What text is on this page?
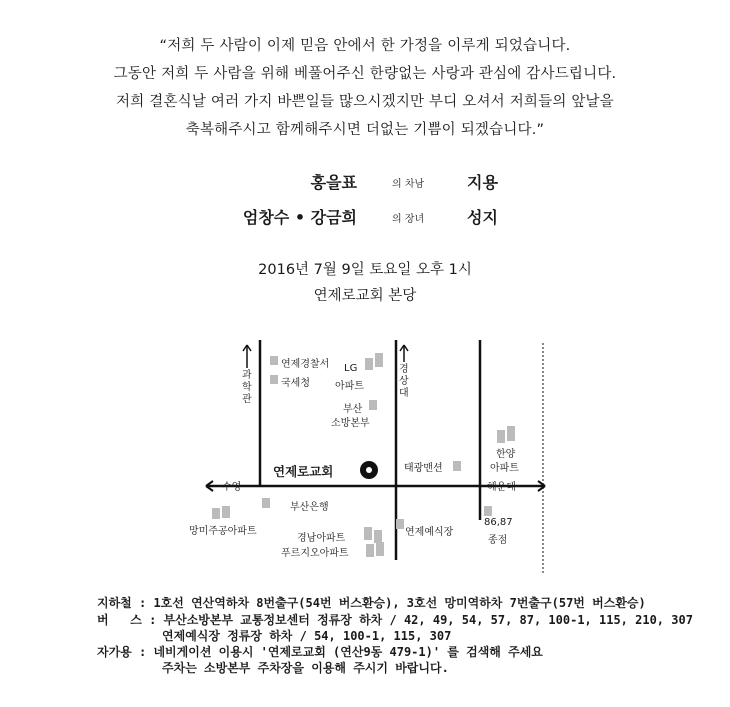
“저희 두 사람이 이제 믿음 안에서 한 가정을 이루게 되었습니다.
그동안 저희 두 사람을 위해 베풀어주신 한량없는 사랑과 관심에 감사드립니다.
저희 결혼식날 여러 가지 바쁜일들 많으시겠지만 부디 오셔서 저희들의 앞날을
축복해주시고 함께해주시면 더없는 기쁨이 되겠습니다.”
홍을표	의 차남	지용
엄창수 • 강금희	의 장녀	성지
2016년 7월 9일 토요일 오후 1시
연제로교회 본당
과학관
경상대
수영	해운대
연제경찰서
국세청
LG
아파트
부산
소방본부
연제로교회	태광맨션
한양
아파트
부산은행
망미주공아파트
경남아파트
푸르지오아파트
연제예식장
86,87
종점
지하철 : 1호선 연산역하차 8번출구(54번 버스환승), 3호선 망미역하차 7번출구(57번 버스환승)
버   스 : 부산소방본부 교통정보센터 정류장 하차 / 42, 49, 54, 57, 87, 100-1, 115, 210, 307
연제예식장 정류장 하차 / 54, 100-1, 115, 307
자가용 : 네비게이션 이용시 '연제로교회 (연산9동 479-1)' 를 검색해 주세요
주차는 소방본부 주차장을 이용해 주시기 바랍니다.
